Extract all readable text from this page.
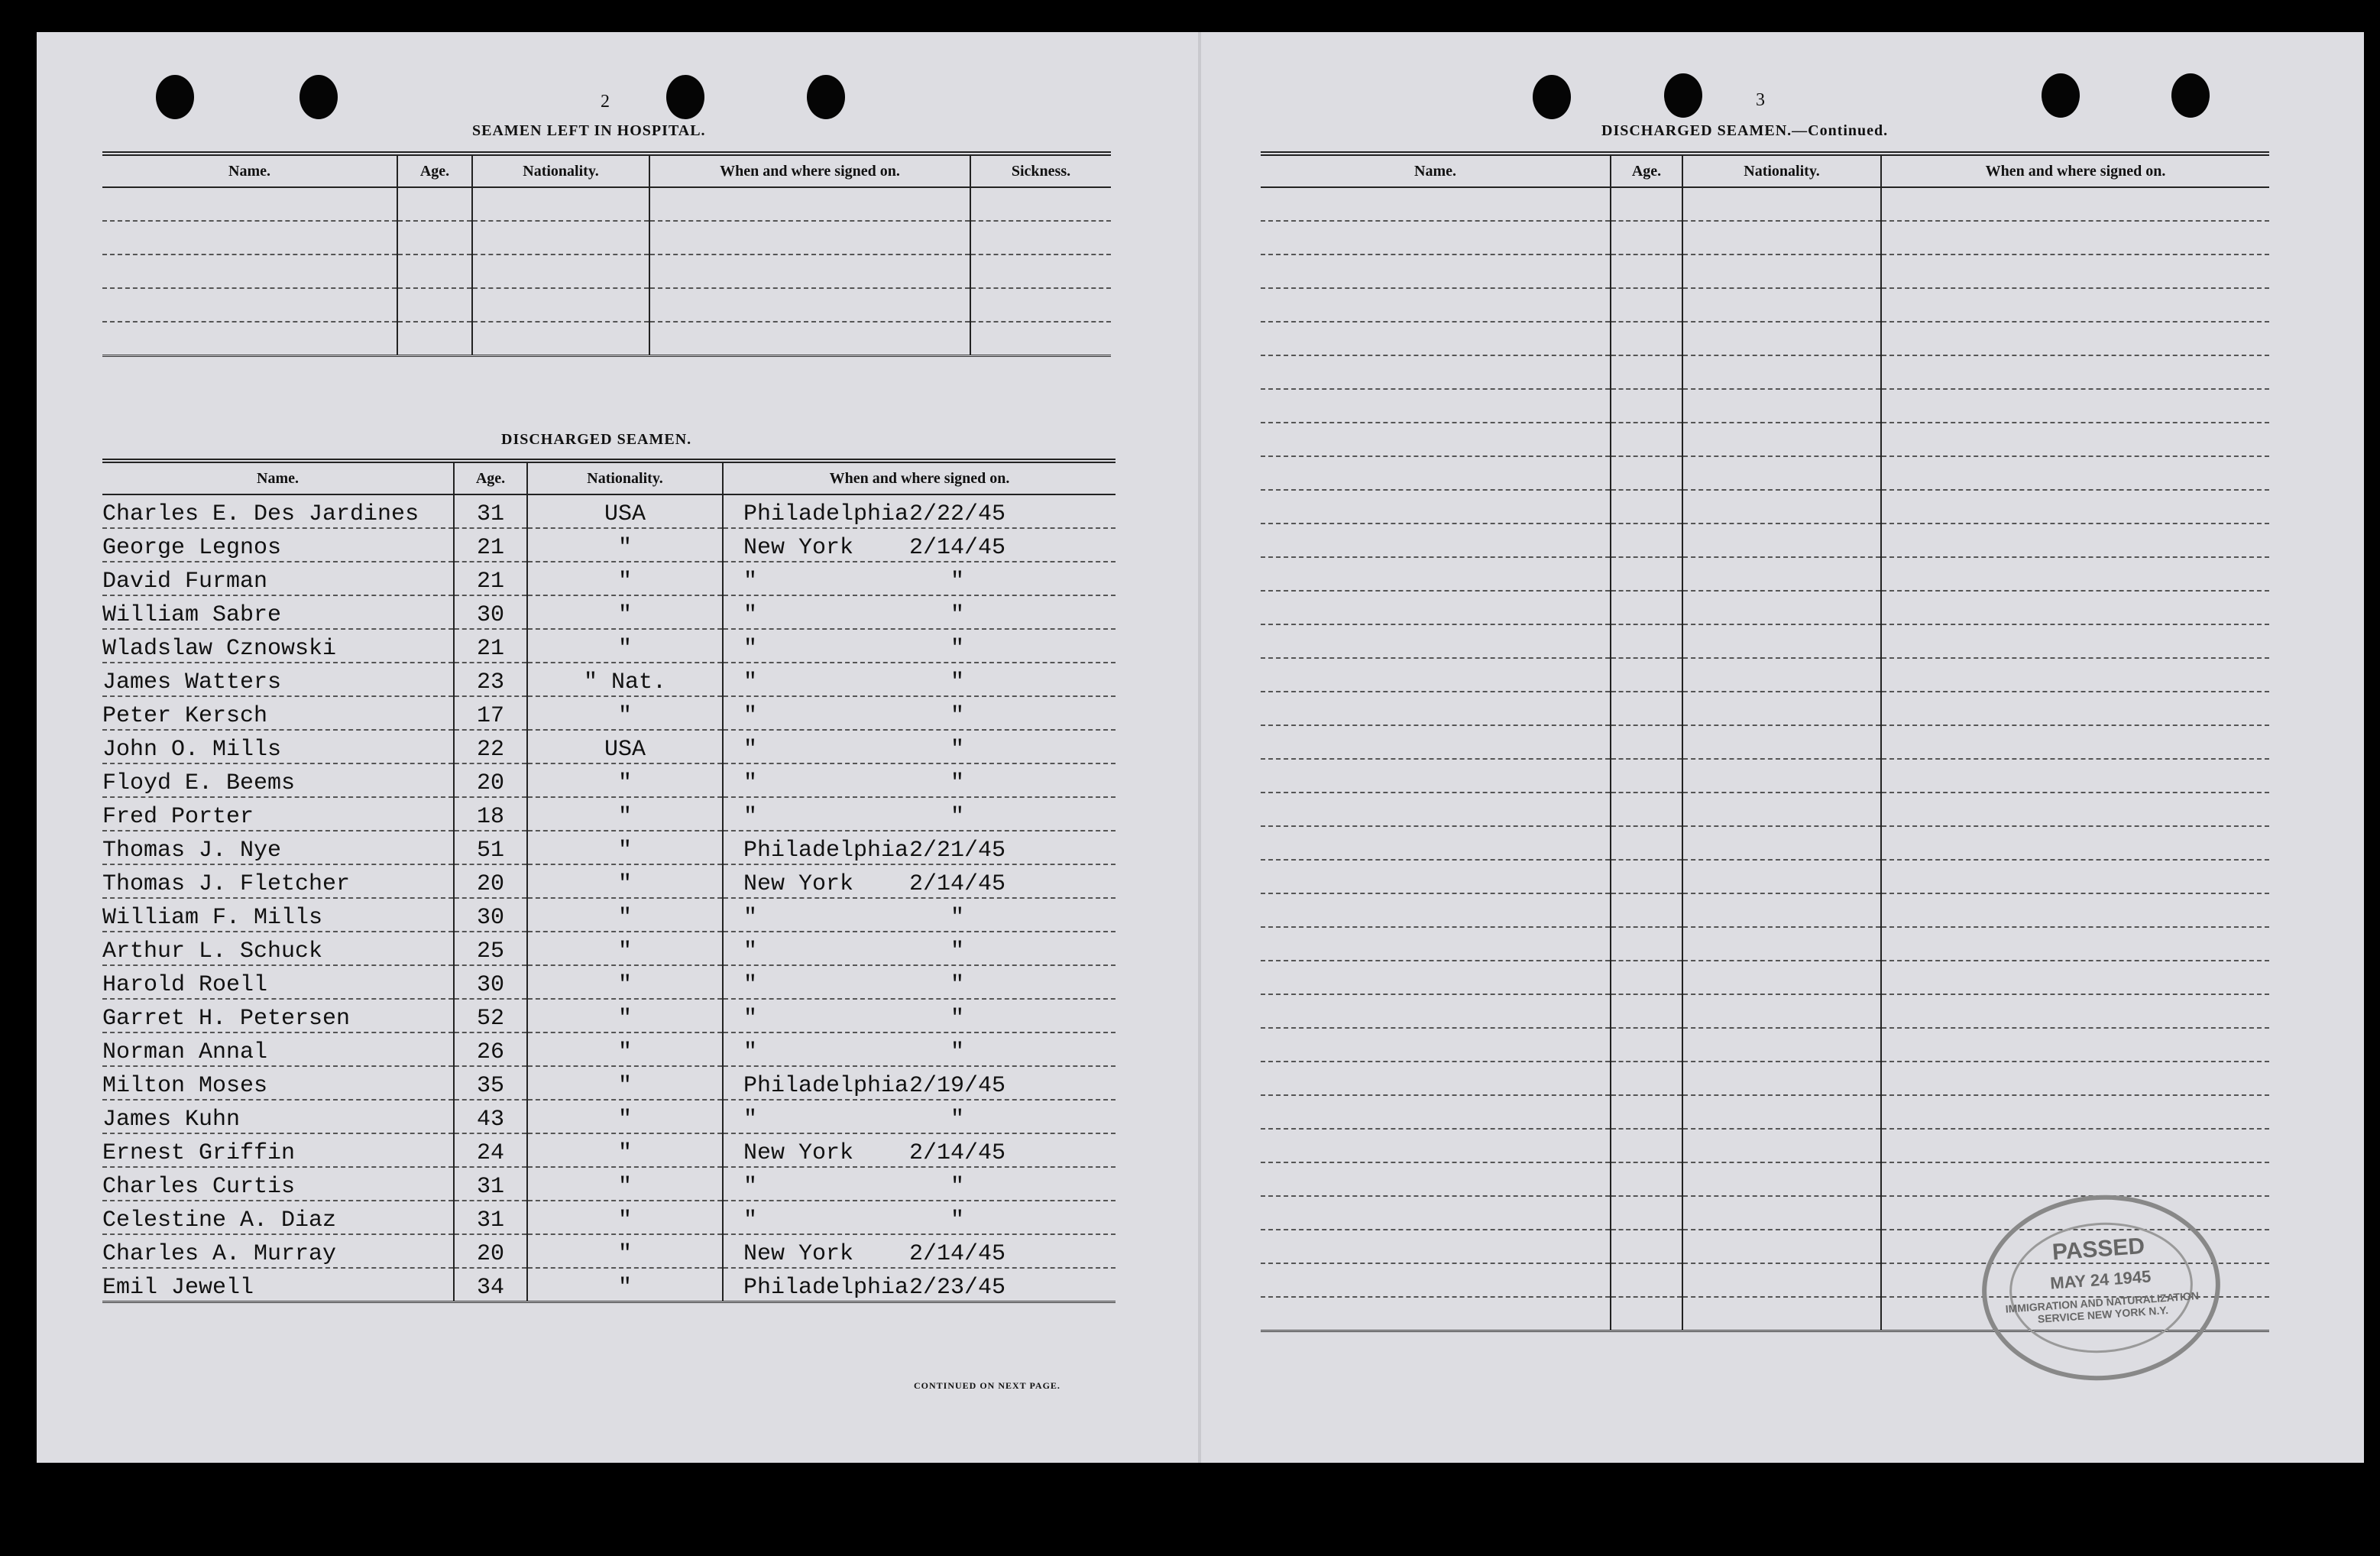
2
SEAMEN LEFT IN HOSPITAL.
Name.	Age.	Nationality.	When and where signed on.	Sickness.

DISCHARGED SEAMEN.
Name.	Age.	Nationality.	When and where signed on.
Charles E. Des Jardines	31	USA	Philadelphia2/22/45
George Legnos	21	"	New York 2/14/45
David Furman	21	"	" "
William Sabre	30	"	" "
Wladslaw Cznowski	21	"	" "
James Watters	23	" Nat.	" "
Peter Kersch	17	"	" "
John O. Mills	22	USA	" "
Floyd E. Beems	20	"	" "
Fred Porter	18	"	" "
Thomas J. Nye	51	"	Philadelphia2/21/45
Thomas J. Fletcher	20	"	New York 2/14/45
William F. Mills	30	"	" "
Arthur L. Schuck	25	"	" "
Harold Roell	30	"	" "
Garret H. Petersen	52	"	" "
Norman Annal	26	"	" "
Milton Moses	35	"	Philadelphia2/19/45
James Kuhn	43	"	" "
Ernest Griffin	24	"	New York 2/14/45
Charles Curtis	31	"	" "
Celestine A. Diaz	31	"	" "
Charles A. Murray	20	"	New York 2/14/45
Emil Jewell	34	"	Philadelphia2/23/45
CONTINUED ON NEXT PAGE.
3
DISCHARGED SEAMEN.—Continued.
Name.	Age.	Nationality.	When and where signed on.

PASSED
MAY 24 1945
IMMIGRATION AND NATURALIZATION SERVICE NEW YORK N.Y.
